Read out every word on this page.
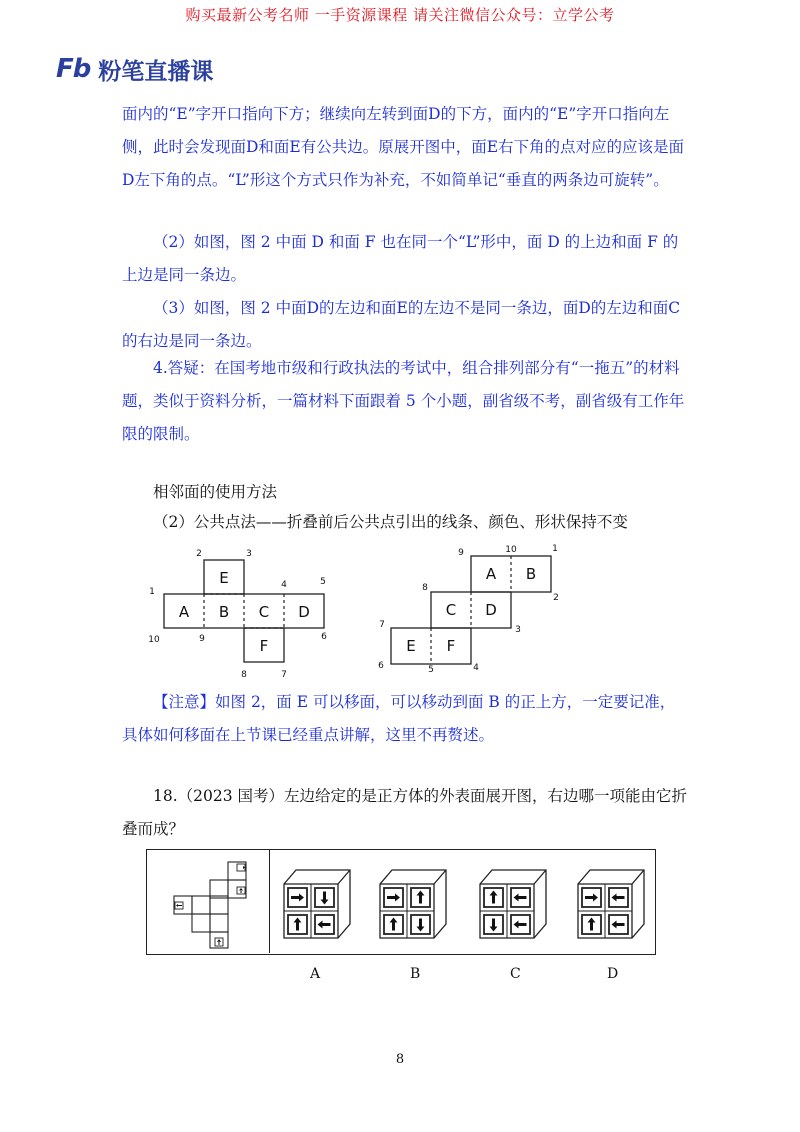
购买最新公考名师 一手资源课程 请关注微信公众号：立学公考
Fb 粉笔直播课

面内的“E”字开口指向下方；继续向左转到面D的下方，面内的“E”字开口指向左侧，此时会发现面D和面E有公共边。原展开图中，面E右下角的点对应的应该是面D左下角的点。“L”形这个方式只作为补充，不如简单记“垂直的两条边可旋转”。

（2）如图，图 2 中面 D 和面 F 也在同一个“L”形中，面 D 的上边和面 F 的上边是同一条边。

（3）如图，图 2 中面D的左边和面E的左边不是同一条边，面D的左边和面C的右边是同一条边。

4.答疑：在国考地市级和行政执法的考试中，组合排列部分有“一拖五”的材料题，类似于资料分析，一篇材料下面跟着 5 个小题，副省级不考，副省级有工作年限的限制。

相邻面的使用方法

（2）公共点法——折叠前后公共点引出的线条、颜色、形状保持不变

E
A B C D
F
2	3
1
4	5
10	9	6
8	7
A B
C D
E F
9	10	1
8
2
7	3
6	5	4

【注意】如图 2，面 E 可以移面，可以移动到面 B 的正上方，一定要记准，具体如何移面在上节课已经重点讲解，这里不再赘述。

18.（2023 国考）左边给定的是正方体的外表面展开图，右边哪一项能由它折叠而成？

A	B	C	D
8
